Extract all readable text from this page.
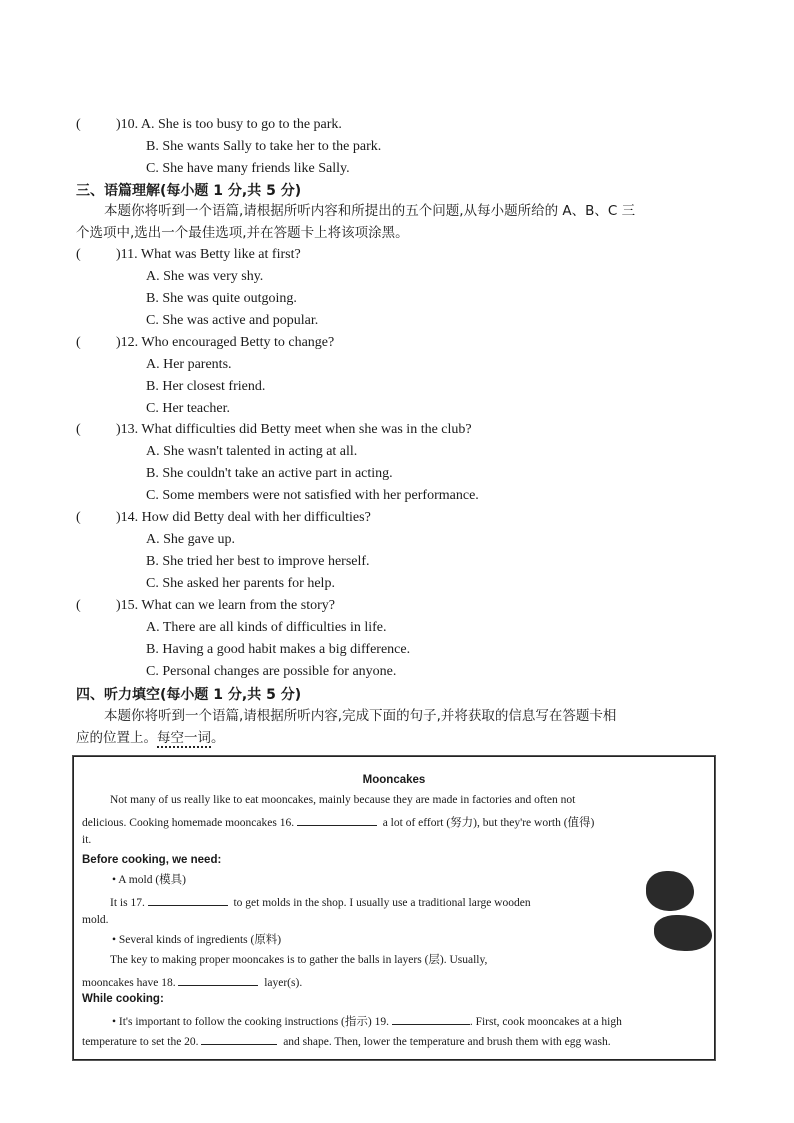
(	)10. A. She is too busy to go to the park.
B. She wants Sally to take her to the park.
C. She have many friends like Sally.
三、语篇理解(每小题 1 分,共 5 分)
本题你将听到一个语篇,请根据所听内容和所提出的五个问题,从每小题所给的 A、B、C 三
个选项中,选出一个最佳选项,并在答题卡上将该项涂黑。
(	)11. What was Betty like at first?
A. She was very shy.
B. She was quite outgoing.
C. She was active and popular.
(	)12. Who encouraged Betty to change?
A. Her parents.
B. Her closest friend.
C. Her teacher.
(	)13. What difficulties did Betty meet when she was in the club?
A. She wasn't talented in acting at all.
B. She couldn't take an active part in acting.
C. Some members were not satisfied with her performance.
(	)14. How did Betty deal with her difficulties?
A. She gave up.
B. She tried her best to improve herself.
C. She asked her parents for help.
(	)15. What can we learn from the story?
A. There are all kinds of difficulties in life.
B. Having a good habit makes a big difference.
C. Personal changes are possible for anyone.
四、听力填空(每小题 1 分,共 5 分)
本题你将听到一个语篇,请根据所听内容,完成下面的句子,并将获取的信息写在答题卡相
应的位置上。每空一词。
Mooncakes
Not many of us really like to eat mooncakes, mainly because they are made in factories and often not
delicious. Cooking homemade mooncakes 16.	a lot of effort (努力), but they're worth (值得)
it.
Before cooking, we need:
• A mold (模具)
It is 17.	to get molds in the shop. I usually use a traditional large wooden
mold.
• Several kinds of ingredients (原料)
The key to making proper mooncakes is to gather the balls in layers (层). Usually,
mooncakes have 18.	layer(s).
While cooking:
• It's important to follow the cooking instructions (指示) 19.	. First, cook mooncakes at a high
temperature to set the 20.	and shape. Then, lower the temperature and brush them with egg wash.
